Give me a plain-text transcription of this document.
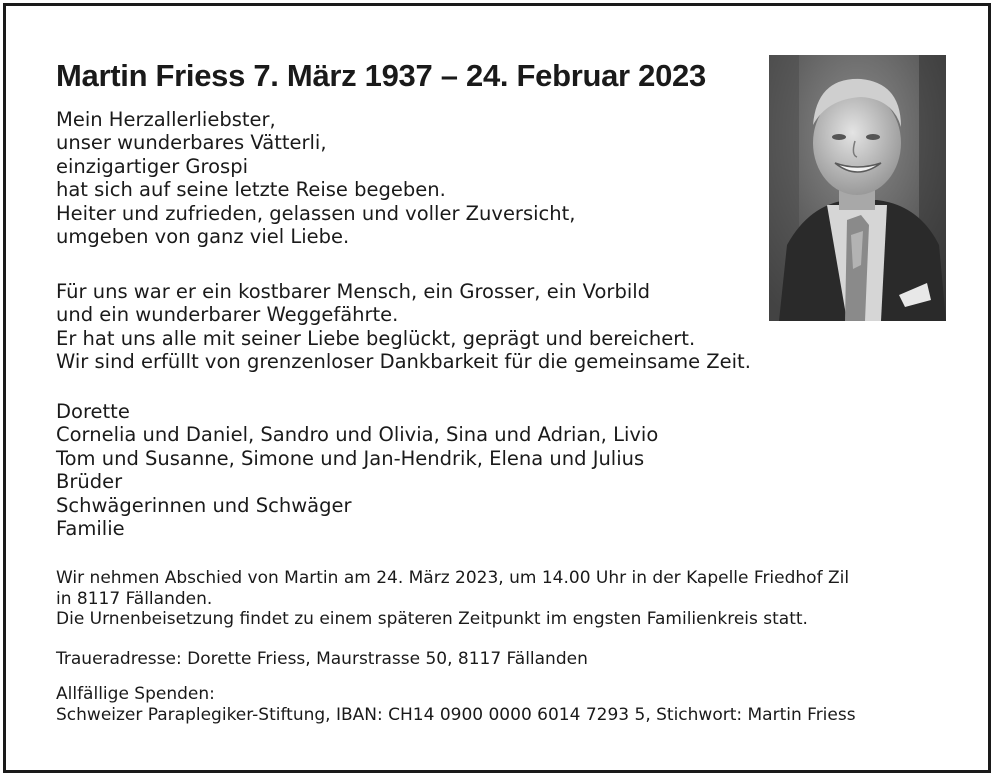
Martin Friess 7. März 1937 – 24. Februar 2023
Mein Herzallerliebster,
unser wunderbares Vätterli,
einzigartiger Grospi
hat sich auf seine letzte Reise begeben.
Heiter und zufrieden, gelassen und voller Zuversicht,
umgeben von ganz viel Liebe.
Für uns war er ein kostbarer Mensch, ein Grosser, ein Vorbild
und ein wunderbarer Weggefährte.
Er hat uns alle mit seiner Liebe beglückt, geprägt und bereichert.
Wir sind erfüllt von grenzenloser Dankbarkeit für die gemeinsame Zeit.
Dorette
Cornelia und Daniel, Sandro und Olivia, Sina und Adrian, Livio
Tom und Susanne, Simone und Jan-Hendrik, Elena und Julius
Brüder
Schwägerinnen und Schwäger
Familie
Wir nehmen Abschied von Martin am 24. März 2023, um 14.00 Uhr in der Kapelle Friedhof Zil
in 8117 Fällanden.
Die Urnenbeisetzung findet zu einem späteren Zeitpunkt im engsten Familienkreis statt.
Traueradresse: Dorette Friess, Maurstrasse 50, 8117 Fällanden
Allfällige Spenden:
Schweizer Paraplegiker-Stiftung, IBAN: CH14 0900 0000 6014 7293 5, Stichwort: Martin Friess
